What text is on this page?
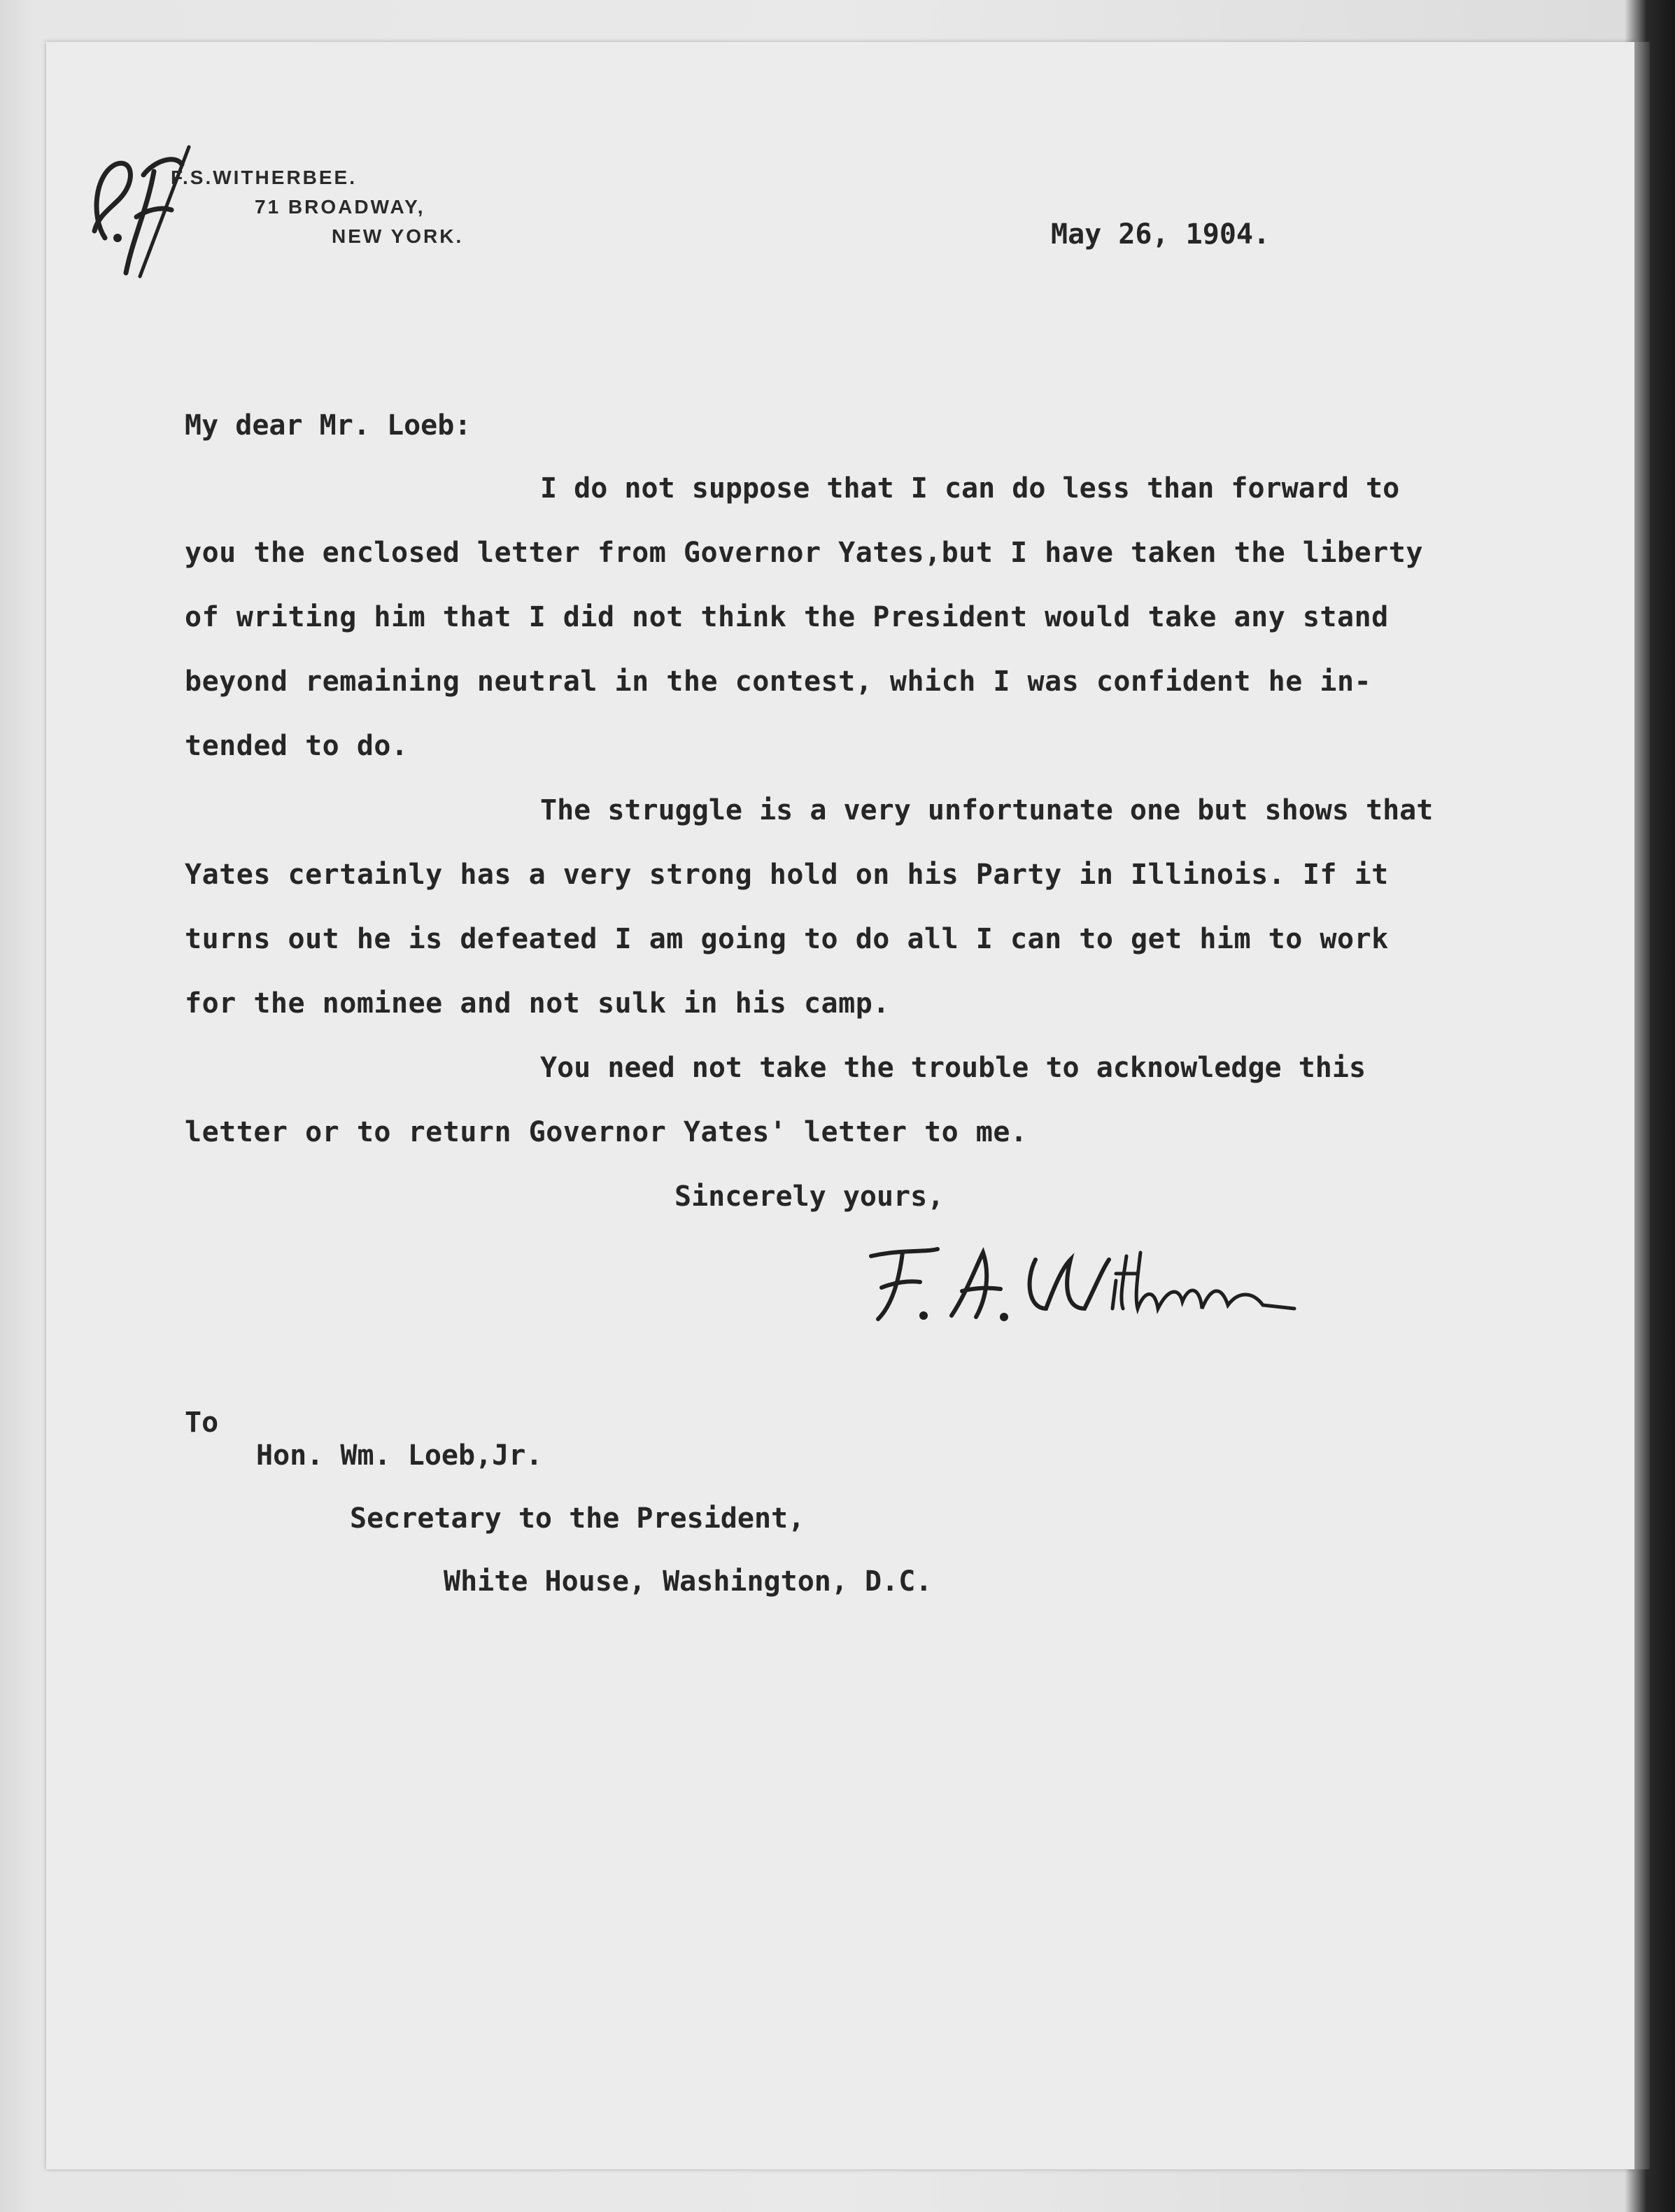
F.S.WITHERBEE.

71 BROADWAY,

NEW YORK.	May 26, 1904.

My dear Mr. Loeb:

I do not suppose that I can do less than forward to

you the enclosed letter from Governor Yates,but I have taken the liberty

of writing him that I did not think the President would take any stand

beyond remaining neutral in the contest, which I was confident he in-

tended to do.

The struggle is a very unfortunate one but shows that

Yates certainly has a very strong hold on his Party in Illinois. If it

turns out he is defeated I am going to do all I can to get him to work

for the nominee and not sulk in his camp.

You need not take the trouble to acknowledge this

letter or to return Governor Yates' letter to me.

Sincerely yours,

To

Hon. Wm. Loeb,Jr.

Secretary to the President,

White House, Washington, D.C.
